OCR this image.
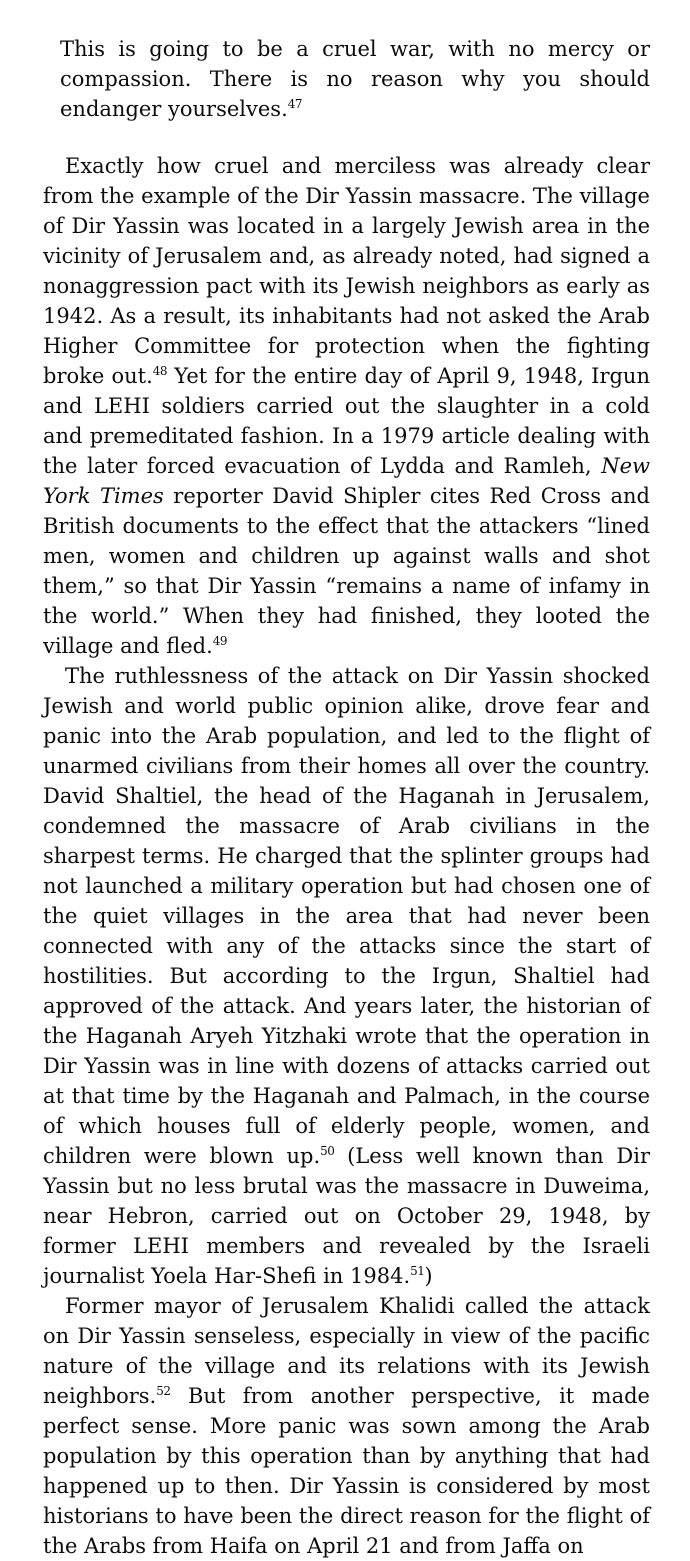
This is going to be a cruel war, with no mercy or compassion. There is no reason why you should endanger yourselves.$^{47}$

Exactly how cruel and merciless was already clear from the example of the Dir Yassin massacre. The village of Dir Yassin was located in a largely Jewish area in the vicinity of Jerusalem and, as already noted, had signed a nonaggression pact with its Jewish neighbors as early as 1942. As a result, its inhabitants had not asked the Arab Higher Committee for protection when the fighting broke out.$^{48}$ Yet for the entire day of April 9, 1948, Irgun and LEHI soldiers carried out the slaughter in a cold and premeditated fashion. In a 1979 article dealing with the later forced evacuation of Lydda and Ramleh, New York Times reporter David Shipler cites Red Cross and British documents to the effect that the attackers “lined men, women and children up against walls and shot them,” so that Dir Yassin “remains a name of infamy in the world.” When they had finished, they looted the village and fled.$^{49}$

The ruthlessness of the attack on Dir Yassin shocked Jewish and world public opinion alike, drove fear and panic into the Arab population, and led to the flight of unarmed civilians from their homes all over the country. David Shaltiel, the head of the Haganah in Jerusalem, condemned the massacre of Arab civilians in the sharpest terms. He charged that the splinter groups had not launched a military operation but had chosen one of the quiet villages in the area that had never been connected with any of the attacks since the start of hostilities. But according to the Irgun, Shaltiel had approved of the attack. And years later, the historian of the Haganah Aryeh Yitzhaki wrote that the operation in Dir Yassin was in line with dozens of attacks carried out at that time by the Haganah and Palmach, in the course of which houses full of elderly people, women, and children were blown up.$^{50}$ (Less well known than Dir Yassin but no less brutal was the massacre in Duweima, near Hebron, carried out on October 29, 1948, by former LEHI members and revealed by the Israeli journalist Yoela Har-Shefi in 1984.51)

Former mayor of Jerusalem Khalidi called the attack on Dir Yassin senseless, especially in view of the pacific nature of the village and its relations with its Jewish neighbors.$^{52}$ But from another perspective, it made perfect sense. More panic was sown among the Arab population by this operation than by anything that had happened up to then. Dir Yassin is considered by most historians to have been the direct reason for the flight of the Arabs from Haifa on April 21 and from Jaffa on
